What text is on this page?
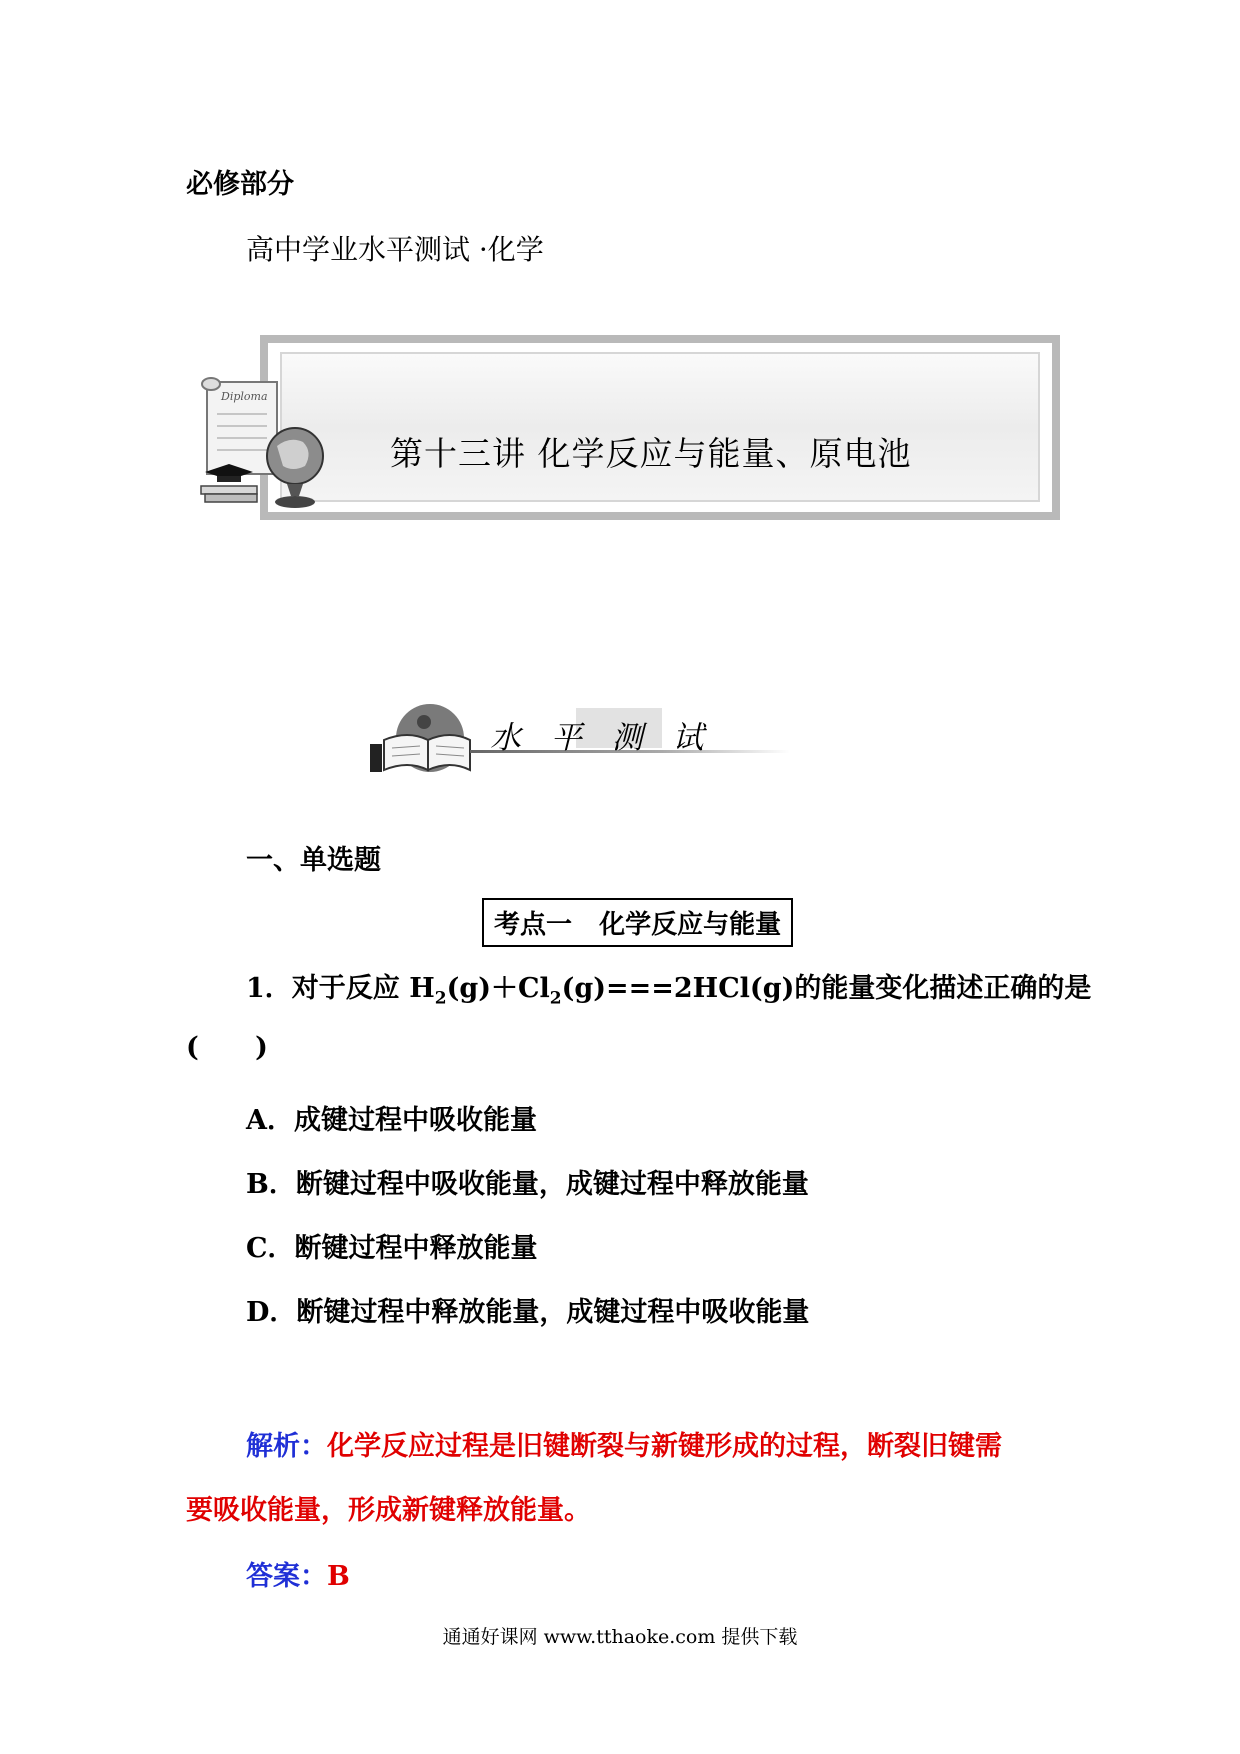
必修部分
高中学业水平测试 ·化学
Diploma
第十三讲 化学反应与能量、原电池
水 平 测 试
一、单选题
考点一   化学反应与能量
1．对于反应 $H_2(g)+Cl_2(g)===2HCl(g)$的能量变化描述正确的是
(      )
A．成键过程中吸收能量
B．断键过程中吸收能量，成键过程中释放能量
C．断键过程中释放能量
D．断键过程中释放能量，成键过程中吸收能量
解析：化学反应过程是旧键断裂与新键形成的过程，断裂旧键需
要吸收能量，形成新键释放能量。
答案：B
通通好课网 www.tthaoke.com 提供下载
